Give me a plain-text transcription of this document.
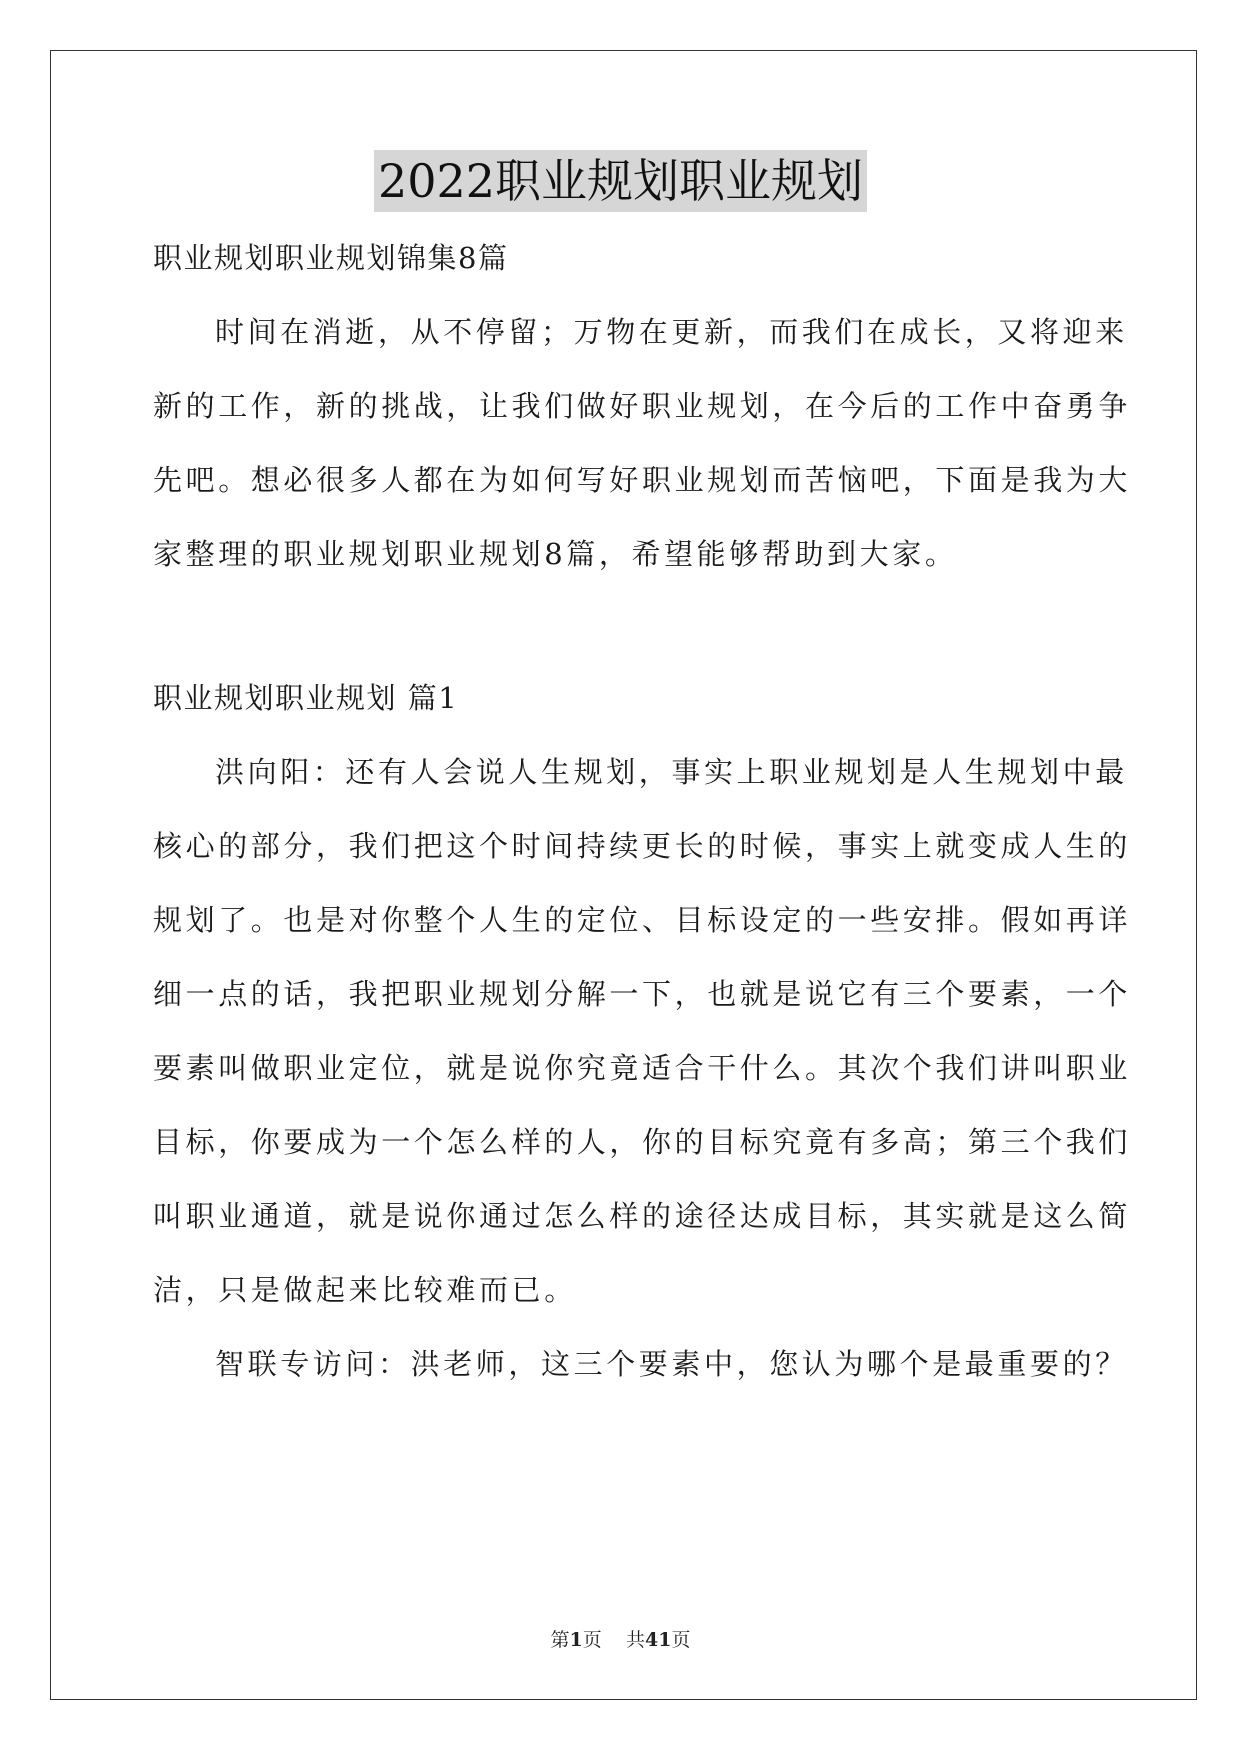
2022职业规划职业规划
职业规划职业规划锦集8篇
时间在消逝，从不停留；万物在更新，而我们在成长，又将迎来
新的工作，新的挑战，让我们做好职业规划，在今后的工作中奋勇争
先吧。想必很多人都在为如何写好职业规划而苦恼吧，下面是我为大
家整理的职业规划职业规划8篇，希望能够帮助到大家。
职业规划职业规划 篇1
洪向阳：还有人会说人生规划，事实上职业规划是人生规划中最
核心的部分，我们把这个时间持续更长的时候，事实上就变成人生的
规划了。也是对你整个人生的定位、目标设定的一些安排。假如再详
细一点的话，我把职业规划分解一下，也就是说它有三个要素，一个
要素叫做职业定位，就是说你究竟适合干什么。其次个我们讲叫职业
目标，你要成为一个怎么样的人，你的目标究竟有多高；第三个我们
叫职业通道，就是说你通过怎么样的途径达成目标，其实就是这么简
洁，只是做起来比较难而已。
智联专访问：洪老师，这三个要素中，您认为哪个是最重要的？
第1页 共41页
